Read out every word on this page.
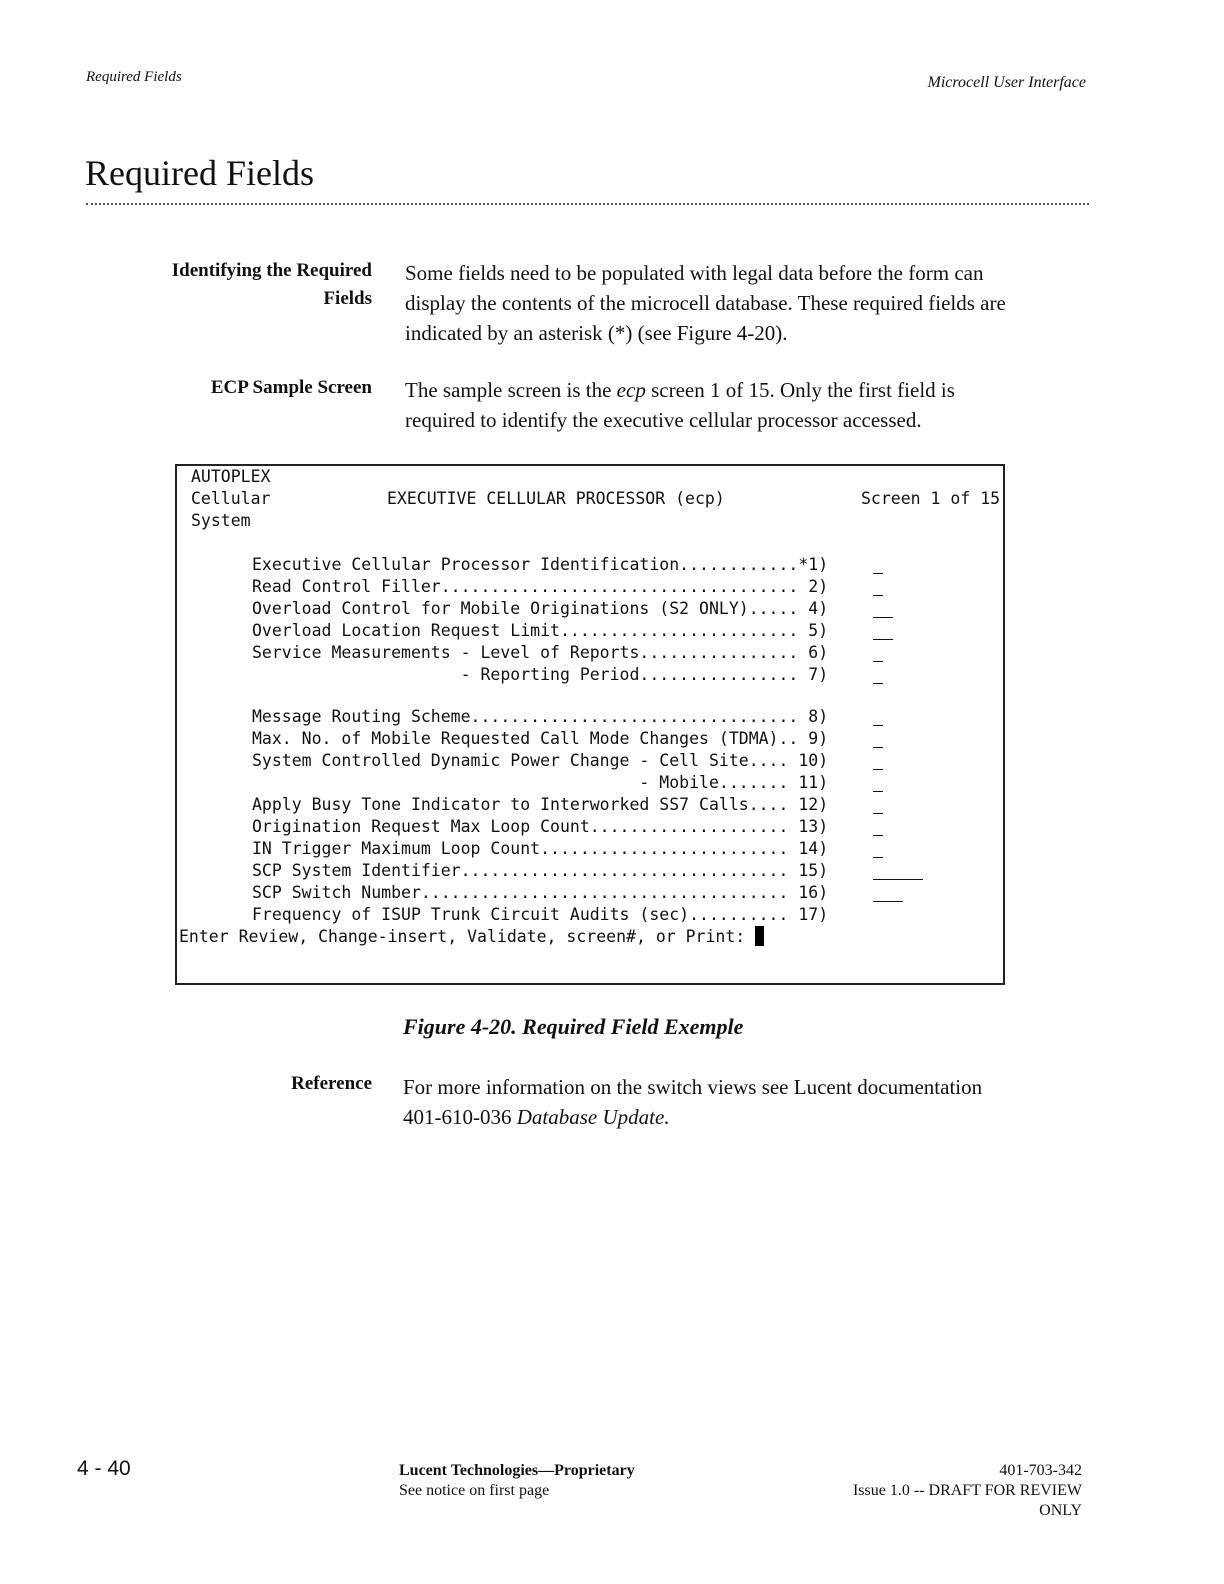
Required Fields	Microcell User Interface
Required Fields
Identifying the Required
Fields
Some fields need to be populated with legal data before the form can
display the contents of the microcell database. These required fields are
indicated by an asterisk (*) (see Figure 4-20).
ECP Sample Screen The sample screen is the ecp screen 1 of 15. Only the first field is
required to identify the executive cellular processor accessed.
AUTOPLEX
Cellular
System
EXECUTIVE CELLULAR PROCESSOR (ecp)	Screen 1 of 15
Executive Cellular Processor Identification............*1)
Read Control Filler.................................... 2)
Overload Control for Mobile Originations (S2 ONLY)..... 4)
Overload Location Request Limit........................ 5)
Service Measurements - Level of Reports................ 6)
- Reporting Period................ 7)
Message Routing Scheme................................. 8)
Max. No. of Mobile Requested Call Mode Changes (TDMA).. 9)
System Controlled Dynamic Power Change - Cell Site.... 10)
- Mobile....... 11)
Apply Busy Tone Indicator to Interworked SS7 Calls.... 12)
Origination Request Max Loop Count.................... 13)
IN Trigger Maximum Loop Count......................... 14)
SCP System Identifier................................. 15)
SCP Switch Number..................................... 16)
Frequency of ISUP Trunk Circuit Audits (sec).......... 17)
Enter Review, Change-insert, Validate, screen#, or Print:
Figure 4-20. Required Field Exemple
Reference For more information on the switch views see Lucent documentation
401-610-036 Database Update.
4 - 40	Lucent Technologies—Proprietary
See notice on first page
401-703-342
Issue 1.0 -- DRAFT FOR REVIEW
ONLY
